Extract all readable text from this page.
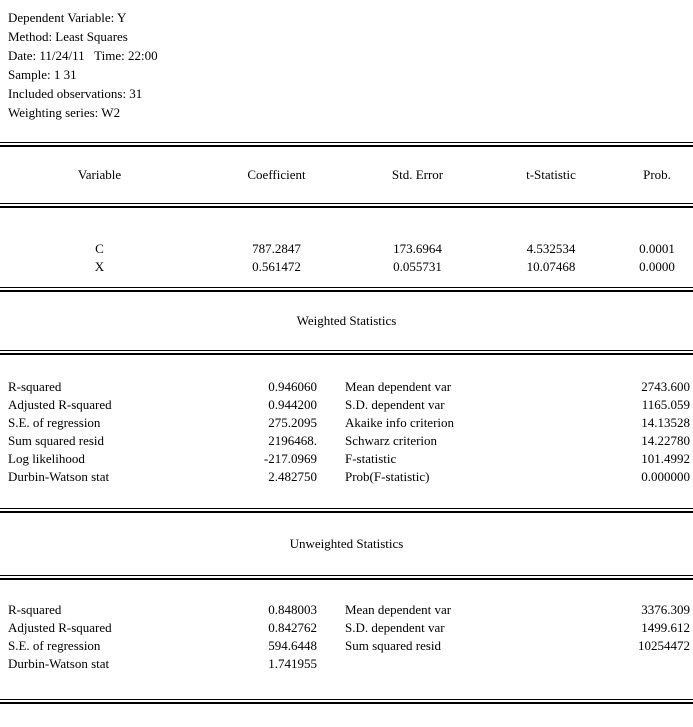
Dependent Variable: Y
Method: Least Squares
Date: 11/24/11   Time: 22:00
Sample: 1 31
Included observations: 31
Weighting series: W2
Variable	Coefficient	Std. Error	t-Statistic	Prob.
C	787.2847	173.6964	4.532534	0.0001
X	0.561472	0.055731	10.07468	0.0000
Weighted Statistics
R-squared	0.946060	Mean dependent var	2743.600
Adjusted R-squared	0.944200	S.D. dependent var	1165.059
S.E. of regression	275.2095	Akaike info criterion	14.13528
Sum squared resid	2196468.	Schwarz criterion	14.22780
Log likelihood	-217.0969	F-statistic	101.4992
Durbin-Watson stat	2.482750	Prob(F-statistic)	0.000000
Unweighted Statistics
R-squared	0.848003	Mean dependent var	3376.309
Adjusted R-squared	0.842762	S.D. dependent var	1499.612
S.E. of regression	594.6448	Sum squared resid	10254472
Durbin-Watson stat	1.741955		
